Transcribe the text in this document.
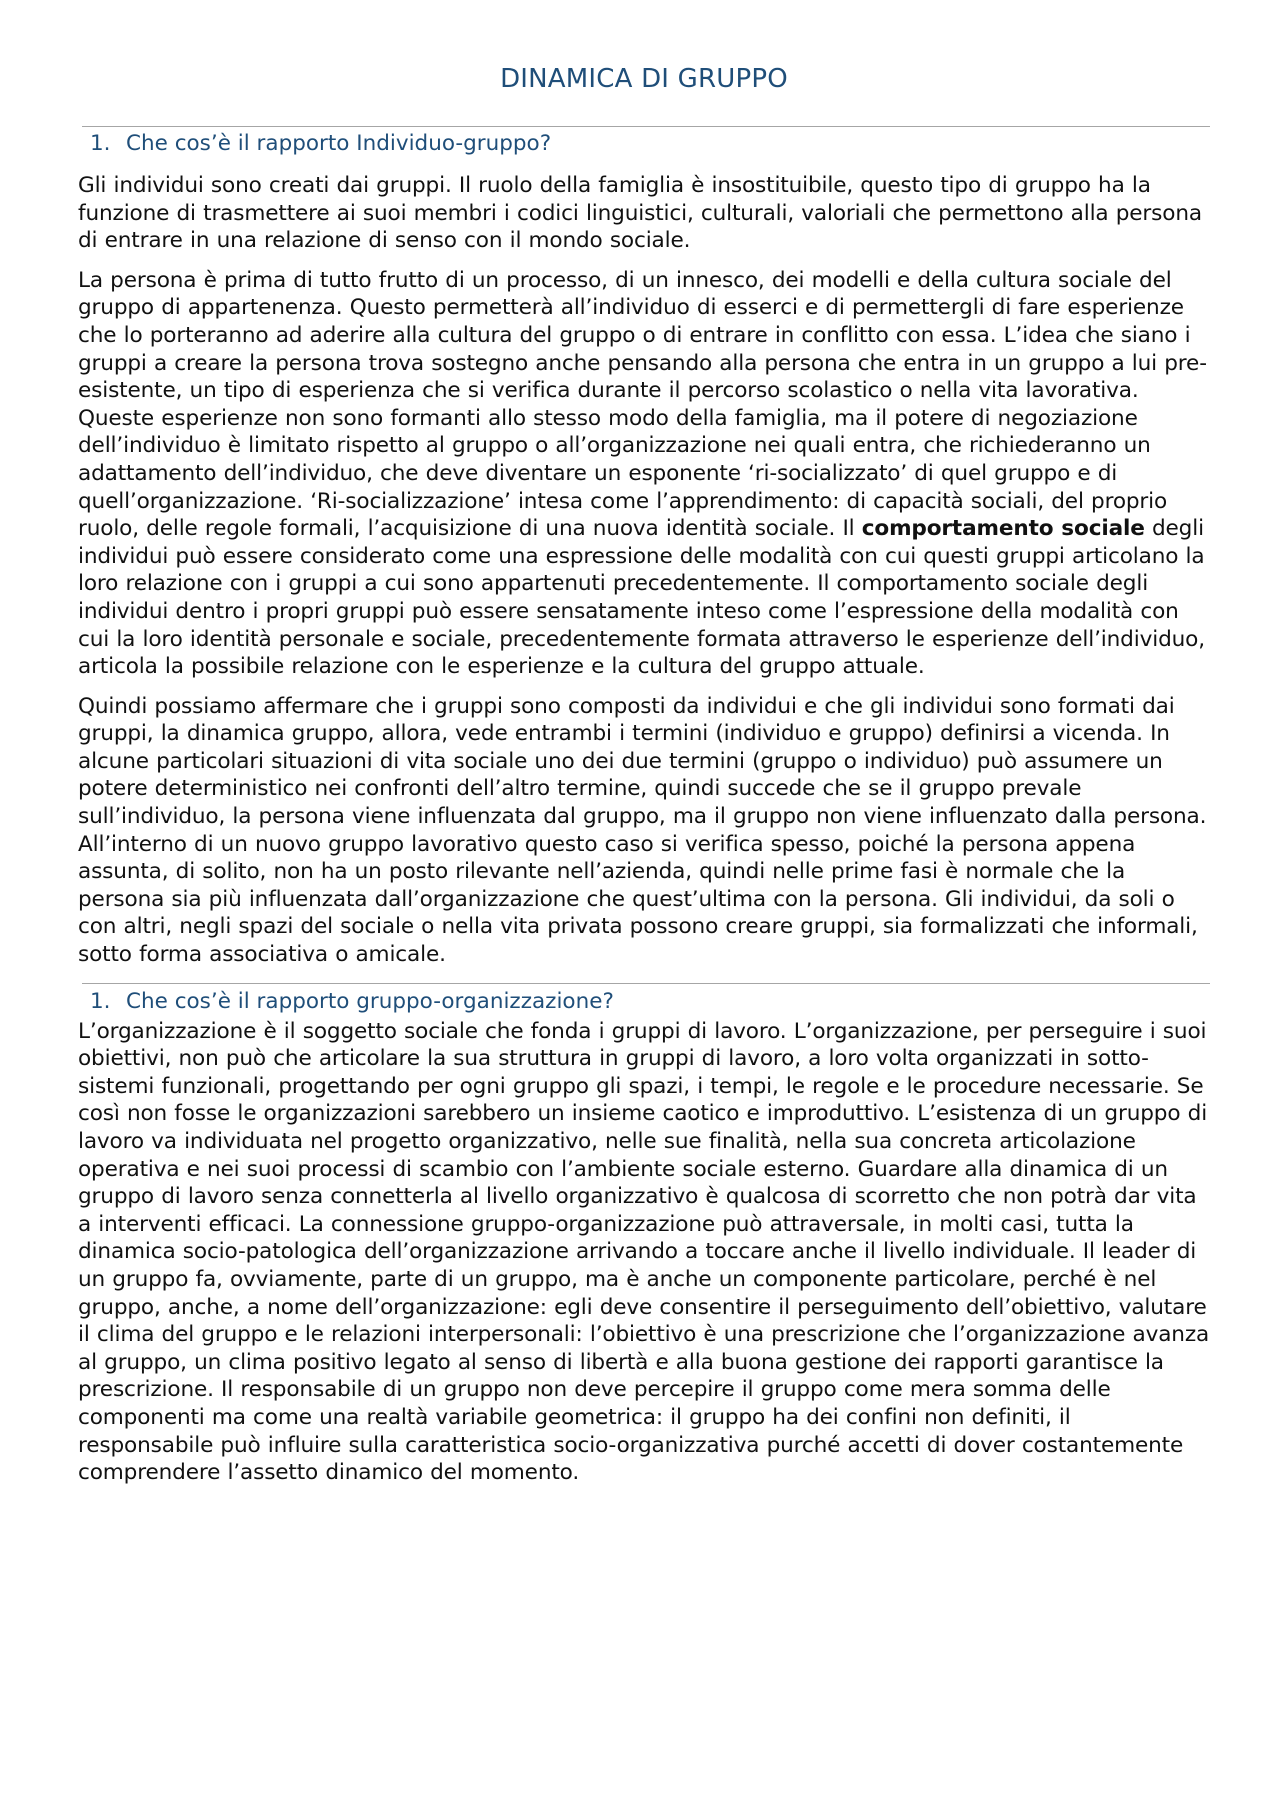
DINAMICA DI GRUPPO
1. Che cos’è il rapporto Individuo-gruppo?

Gli individui sono creati dai gruppi. Il ruolo della famiglia è insostituibile, questo tipo di gruppo ha la funzione di trasmettere ai suoi membri i codici linguistici, culturali, valoriali che permettono alla persona di entrare in una relazione di senso con il mondo sociale.

La persona è prima di tutto frutto di un processo, di un innesco, dei modelli e della cultura sociale del gruppo di appartenenza. Questo permetterà all’individuo di esserci e di permettergli di fare esperienze che lo porteranno ad aderire alla cultura del gruppo o di entrare in conflitto con essa. L’idea che siano i gruppi a creare la persona trova sostegno anche pensando alla persona che entra in un gruppo a lui pre-esistente, un tipo di esperienza che si verifica durante il percorso scolastico o nella vita lavorativa. Queste esperienze non sono formanti allo stesso modo della famiglia, ma il potere di negoziazione dell’individuo è limitato rispetto al gruppo o all’organizzazione nei quali entra, che richiederanno un adattamento dell’individuo, che deve diventare un esponente ‘ri-socializzato’ di quel gruppo e di quell’organizzazione. ‘Ri-socializzazione’ intesa come l’apprendimento: di capacità sociali, del proprio ruolo, delle regole formali, l’acquisizione di una nuova identità sociale. Il comportamento sociale degli individui può essere considerato come una espressione delle modalità con cui questi gruppi articolano la loro relazione con i gruppi a cui sono appartenuti precedentemente. Il comportamento sociale degli individui dentro i propri gruppi può essere sensatamente inteso come l’espressione della modalità con cui la loro identità personale e sociale, precedentemente formata attraverso le esperienze dell’individuo, articola la possibile relazione con le esperienze e la cultura del gruppo attuale.

Quindi possiamo affermare che i gruppi sono composti da individui e che gli individui sono formati dai gruppi, la dinamica gruppo, allora, vede entrambi i termini (individuo e gruppo) definirsi a vicenda. In alcune particolari situazioni di vita sociale uno dei due termini (gruppo o individuo) può assumere un potere deterministico nei confronti dell’altro termine, quindi succede che se il gruppo prevale sull’individuo, la persona viene influenzata dal gruppo, ma il gruppo non viene influenzato dalla persona. All’interno di un nuovo gruppo lavorativo questo caso si verifica spesso, poiché la persona appena assunta, di solito, non ha un posto rilevante nell’azienda, quindi nelle prime fasi è normale che la persona sia più influenzata dall’organizzazione che quest’ultima con la persona. Gli individui, da soli o con altri, negli spazi del sociale o nella vita privata possono creare gruppi, sia formalizzati che informali, sotto forma associativa o amicale.

1. Che cos’è il rapporto gruppo-organizzazione?

L’organizzazione è il soggetto sociale che fonda i gruppi di lavoro. L’organizzazione, per perseguire i suoi obiettivi, non può che articolare la sua struttura in gruppi di lavoro, a loro volta organizzati in sotto-sistemi funzionali, progettando per ogni gruppo gli spazi, i tempi, le regole e le procedure necessarie. Se così non fosse le organizzazioni sarebbero un insieme caotico e improduttivo. L’esistenza di un gruppo di lavoro va individuata nel progetto organizzativo, nelle sue finalità, nella sua concreta articolazione operativa e nei suoi processi di scambio con l’ambiente sociale esterno. Guardare alla dinamica di un gruppo di lavoro senza connetterla al livello organizzativo è qualcosa di scorretto che non potrà dar vita a interventi efficaci. La connessione gruppo-organizzazione può attraversale, in molti casi, tutta la dinamica socio-patologica dell’organizzazione arrivando a toccare anche il livello individuale. Il leader di un gruppo fa, ovviamente, parte di un gruppo, ma è anche un componente particolare, perché è nel gruppo, anche, a nome dell’organizzazione: egli deve consentire il perseguimento dell’obiettivo, valutare il clima del gruppo e le relazioni interpersonali: l’obiettivo è una prescrizione che l’organizzazione avanza al gruppo, un clima positivo legato al senso di libertà e alla buona gestione dei rapporti garantisce la prescrizione. Il responsabile di un gruppo non deve percepire il gruppo come mera somma delle componenti ma come una realtà variabile geometrica: il gruppo ha dei confini non definiti, il responsabile può influire sulla caratteristica socio-organizzativa purché accetti di dover costantemente comprendere l’assetto dinamico del momento.
